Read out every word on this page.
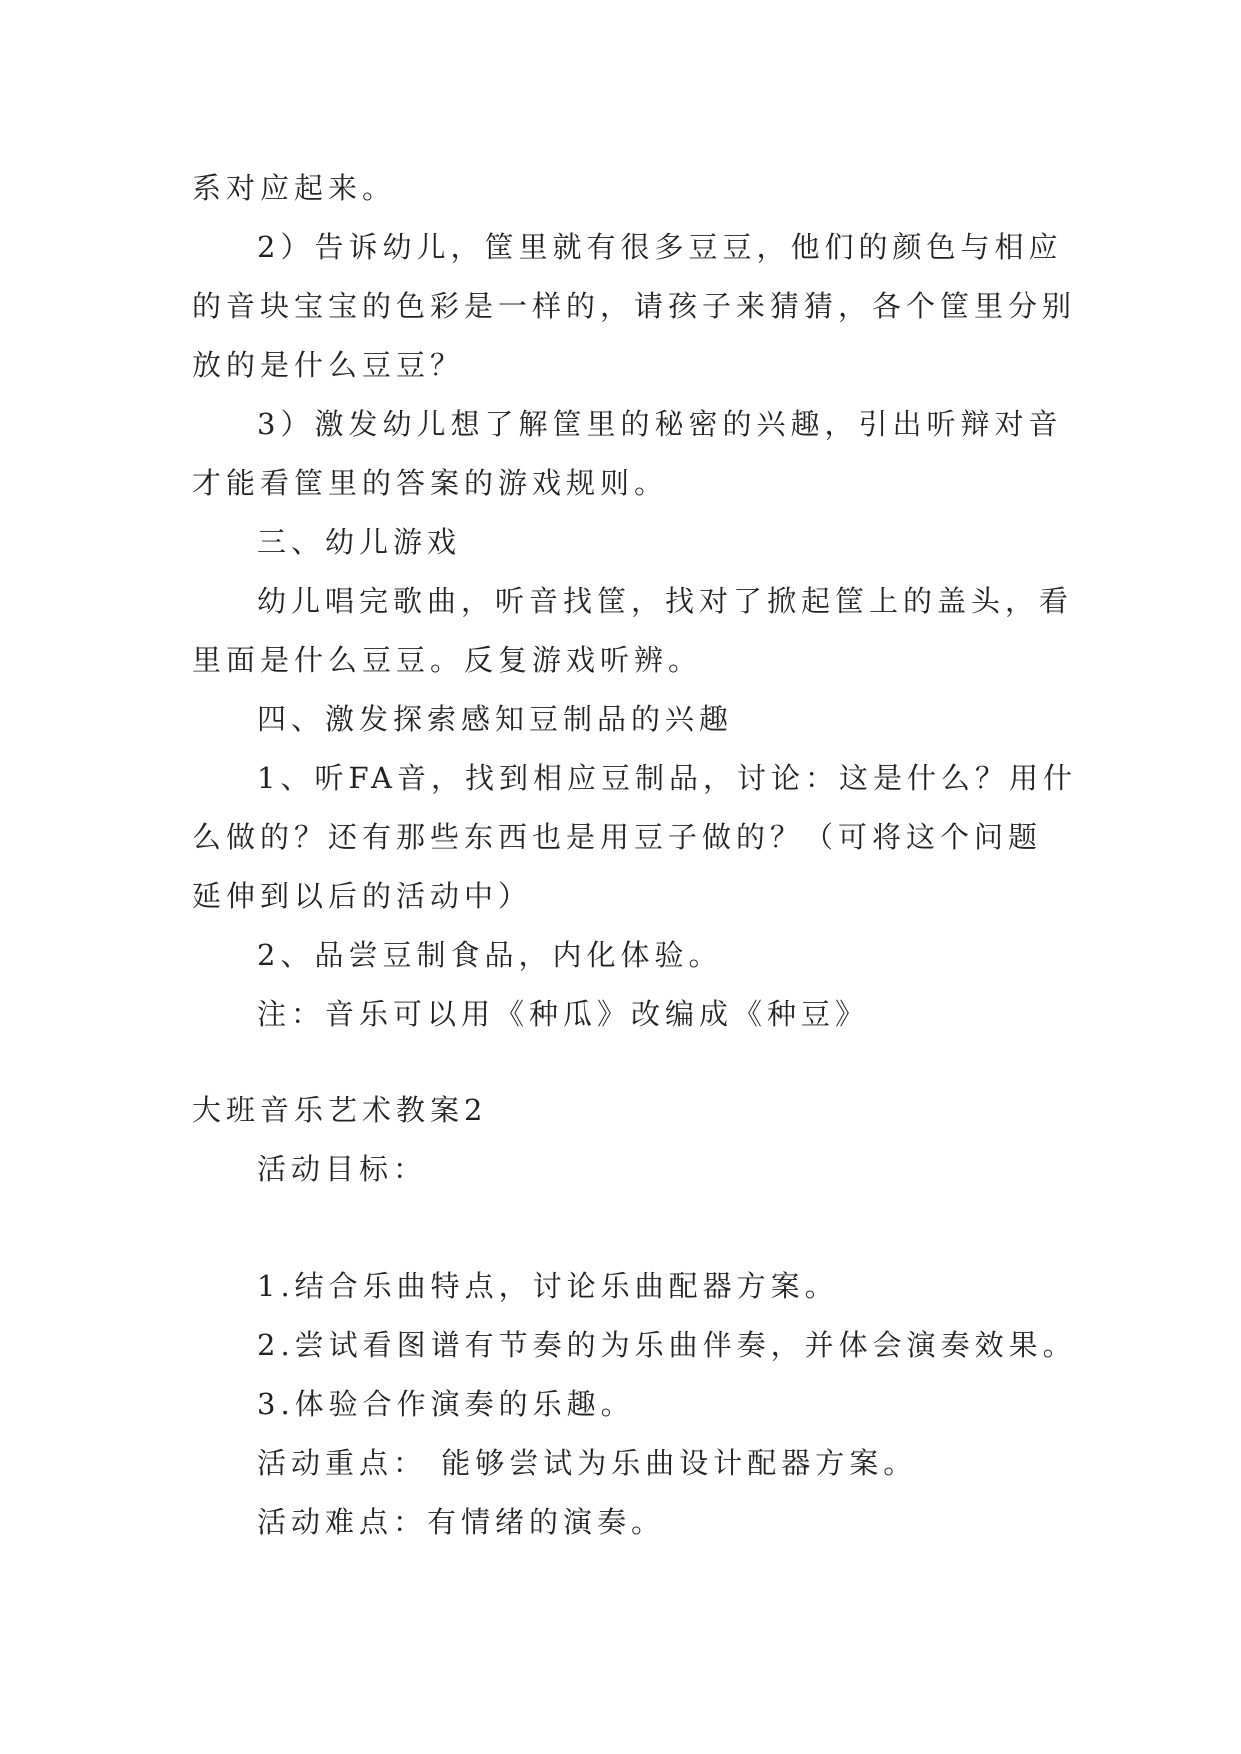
系对应起来。
2）告诉幼儿，筐里就有很多豆豆，他们的颜色与相应
的音块宝宝的色彩是一样的，请孩子来猜猜，各个筐里分别
放的是什么豆豆？
3）激发幼儿想了解筐里的秘密的兴趣，引出听辩对音
才能看筐里的答案的游戏规则。
三、幼儿游戏
幼儿唱完歌曲，听音找筐，找对了掀起筐上的盖头，看
里面是什么豆豆。反复游戏听辨。
四、激发探索感知豆制品的兴趣
1、听FA音，找到相应豆制品，讨论：这是什么？用什
么做的？还有那些东西也是用豆子做的？（可将这个问题
延伸到以后的活动中）
2、品尝豆制食品，内化体验。
注：音乐可以用《种瓜》改编成《种豆》
大班音乐艺术教案2
活动目标：
1.结合乐曲特点，讨论乐曲配器方案。
2.尝试看图谱有节奏的为乐曲伴奏，并体会演奏效果。
3.体验合作演奏的乐趣。
活动重点： 能够尝试为乐曲设计配器方案。
活动难点：有情绪的演奏。
